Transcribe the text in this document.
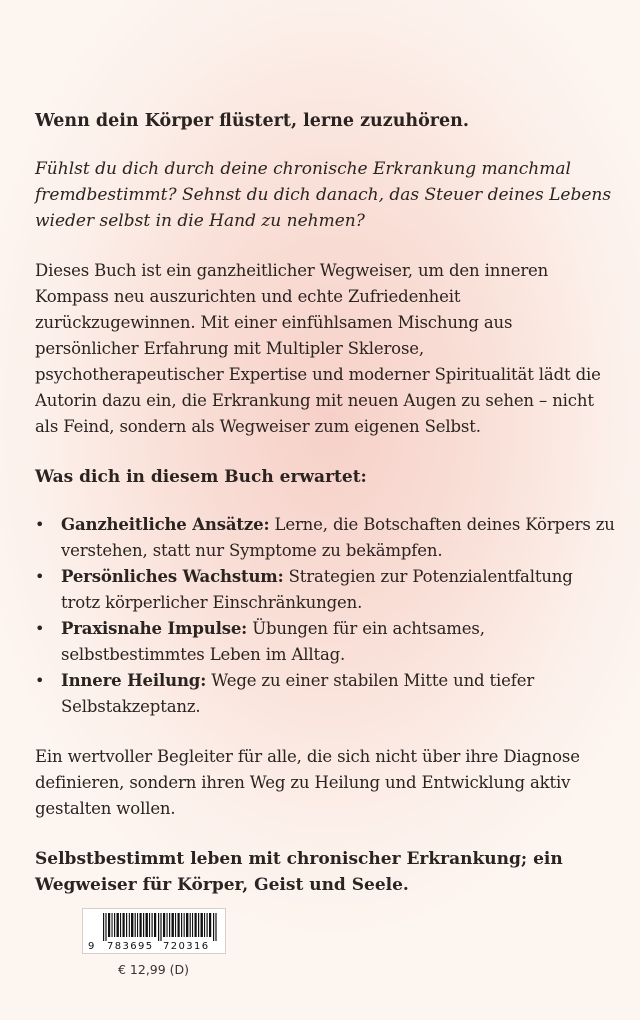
Wenn dein Körper flüstert, lerne zuzuhören.

Fühlst du dich durch deine chronische Erkrankung manchmal fremdbestimmt? Sehnst du dich danach, das Steuer deines Lebens wieder selbst in die Hand zu nehmen?

Dieses Buch ist ein ganzheitlicher Wegweiser, um den inneren Kompass neu auszurichten und echte Zufriedenheit zurückzugewinnen. Mit einer einfühlsamen Mischung aus persönlicher Erfahrung mit Multipler Sklerose, psychotherapeutischer Expertise und moderner Spiritualität lädt die Autorin dazu ein, die Erkrankung mit neuen Augen zu sehen – nicht als Feind, sondern als Wegweiser zum eigenen Selbst.

Was dich in diesem Buch erwartet:

• Ganzheitliche Ansätze: Lerne, die Botschaften deines Körpers zu verstehen, statt nur Symptome zu bekämpfen.
• Persönliches Wachstum: Strategien zur Potenzialentfaltung trotz körperlicher Einschränkungen.
• Praxisnahe Impulse: Übungen für ein achtsames, selbstbestimmtes Leben im Alltag.
• Innere Heilung: Wege zu einer stabilen Mitte und tiefer Selbstakzeptanz.

Ein wertvoller Begleiter für alle, die sich nicht über ihre Diagnose definieren, sondern ihren Weg zu Heilung und Entwicklung aktiv gestalten wollen.

Selbstbestimmt leben mit chronischer Erkrankung; ein Wegweiser für Körper, Geist und Seele.

9 783695 720316
€ 12,99 (D)
